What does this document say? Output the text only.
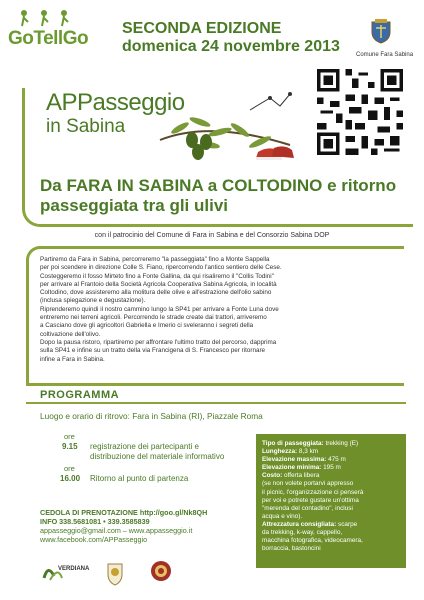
GoTellGo SECONDA EDIZIONE
domenica 24 novembre 2013	Comune Fara Sabina
APPasseggio
in Sabina
Da FARA IN SABINA a COLTODINO e ritorno
passeggiata tra gli ulivi
con il patrocinio del Comune di Fara in Sabina e del Consorzio Sabina DOP
Partiremo da Fara in Sabina, percorreremo "la passeggiata" fino a Monte Sappella
per poi scendere in direzione Colle S. Fiano, ripercorrendo l'antico sentiero delle Cese.
Costeggeremo il fosso Mirteto fino a Fonte Gallina, da qui risaliremo il "Collis Todini"
per arrivare al Frantoio della Società Agricola Cooperativa Sabina Agricola, in località
Coltodino, dove assisteremo alla molitura delle olive e all'estrazione dell'olio sabino
(inclusa spiegazione e degustazione).
Riprenderemo quindi il nostro cammino lungo la SP41 per arrivare a Fonte Luna dove
entreremo nei terreni agricoli. Percorrendo le strade create dai trattori, arriveremo
a Casciano dove gli agricoltori Gabriella e Imerio ci sveleranno i segreti della
coltivazione dell'olivo.
Dopo la pausa ristoro, ripartiremo per affrontare l'ultimo tratto del percorso, dapprima
sulla SP41 e infine su un tratto della via Francigena di S. Francesco per ritornare
infine a Fara in Sabina.
PROGRAMMA
Luogo e orario di ritrovo: Fara in Sabina (RI), Piazzale Roma
ore
9.15 registrazione dei partecipanti e
distribuzione del materiale informativo
ore
16.00 Ritorno al punto di partenza
Tipo di passeggiata: trekking (E)
Lunghezza: 8,3 km
Elevazione massima: 475 m
Elevazione minima: 195 m
Costo: offerta libera
(se non volete portarvi appresso
il picnic, l'organizzazione ci penserà
per voi e potrete gustare un'ottima
"merenda del contadino", inclusi
acqua e vino).
Attrezzatura consigliata: scarpe
da trekking, k-way, cappello,
macchina fotografica, videocamera,
borraccia, bastoncini
CEDOLA DI PRENOTAZIONE http://goo.gl/Nk8QH
INFO 338.5681081 • 339.3585839
appasseggio@gmail.com – www.appasseggio.it
www.facebook.com/APPasseggio
VERDIANA
